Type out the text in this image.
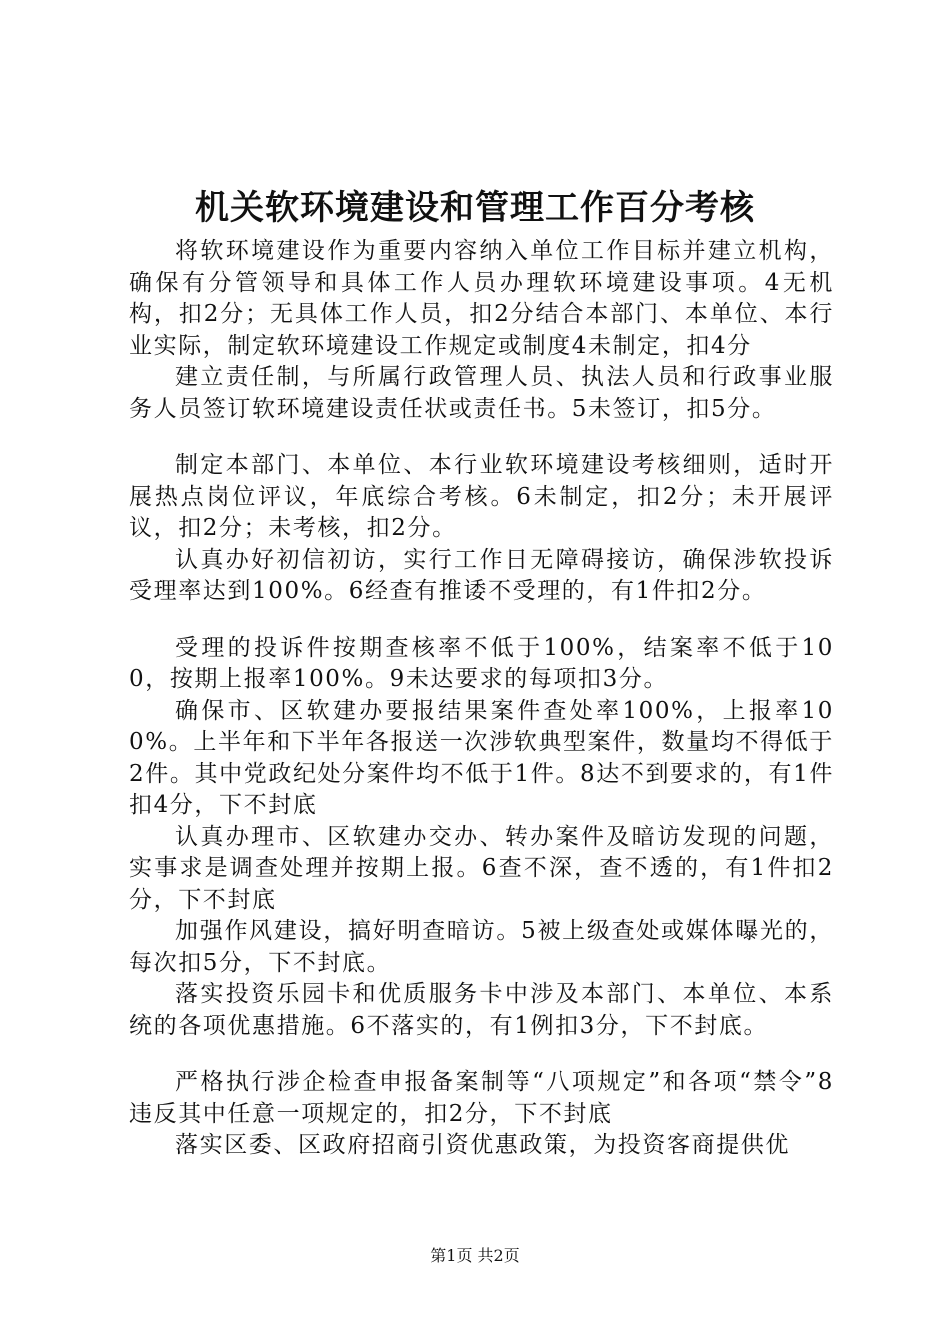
机关软环境建设和管理工作百分考核

将软环境建设作为重要内容纳入单位工作目标并建立机构，确保有分管领导和具体工作人员办理软环境建设事项。4无机构，扣2分；无具体工作人员，扣2分结合本部门、本单位、本行业实际，制定软环境建设工作规定或制度4未制定，扣4分

建立责任制，与所属行政管理人员、执法人员和行政事业服务人员签订软环境建设责任状或责任书。5未签订，扣5分。

制定本部门、本单位、本行业软环境建设考核细则，适时开展热点岗位评议，年底综合考核。6未制定，扣2分；未开展评议，扣2分；未考核，扣2分。

认真办好初信初访，实行工作日无障碍接访，确保涉软投诉受理率达到100%。6经查有推诿不受理的，有1件扣2分。

受理的投诉件按期查核率不低于100%，结案率不低于100，按期上报率100%。9未达要求的每项扣3分。

确保市、区软建办要报结果案件查处率100%，上报率100%。上半年和下半年各报送一次涉软典型案件，数量均不得低于2件。其中党政纪处分案件均不低于1件。8达不到要求的，有1件扣4分，下不封底

认真办理市、区软建办交办、转办案件及暗访发现的问题，实事求是调查处理并按期上报。6查不深，查不透的，有1件扣2分，下不封底

加强作风建设，搞好明查暗访。5被上级查处或媒体曝光的，每次扣5分，下不封底。

落实投资乐园卡和优质服务卡中涉及本部门、本单位、本系统的各项优惠措施。6不落实的，有1例扣3分，下不封底。

严格执行涉企检查申报备案制等“八项规定”和各项“禁令”8违反其中任意一项规定的，扣2分，下不封底

落实区委、区政府招商引资优惠政策，为投资客商提供优

第1页 共2页
